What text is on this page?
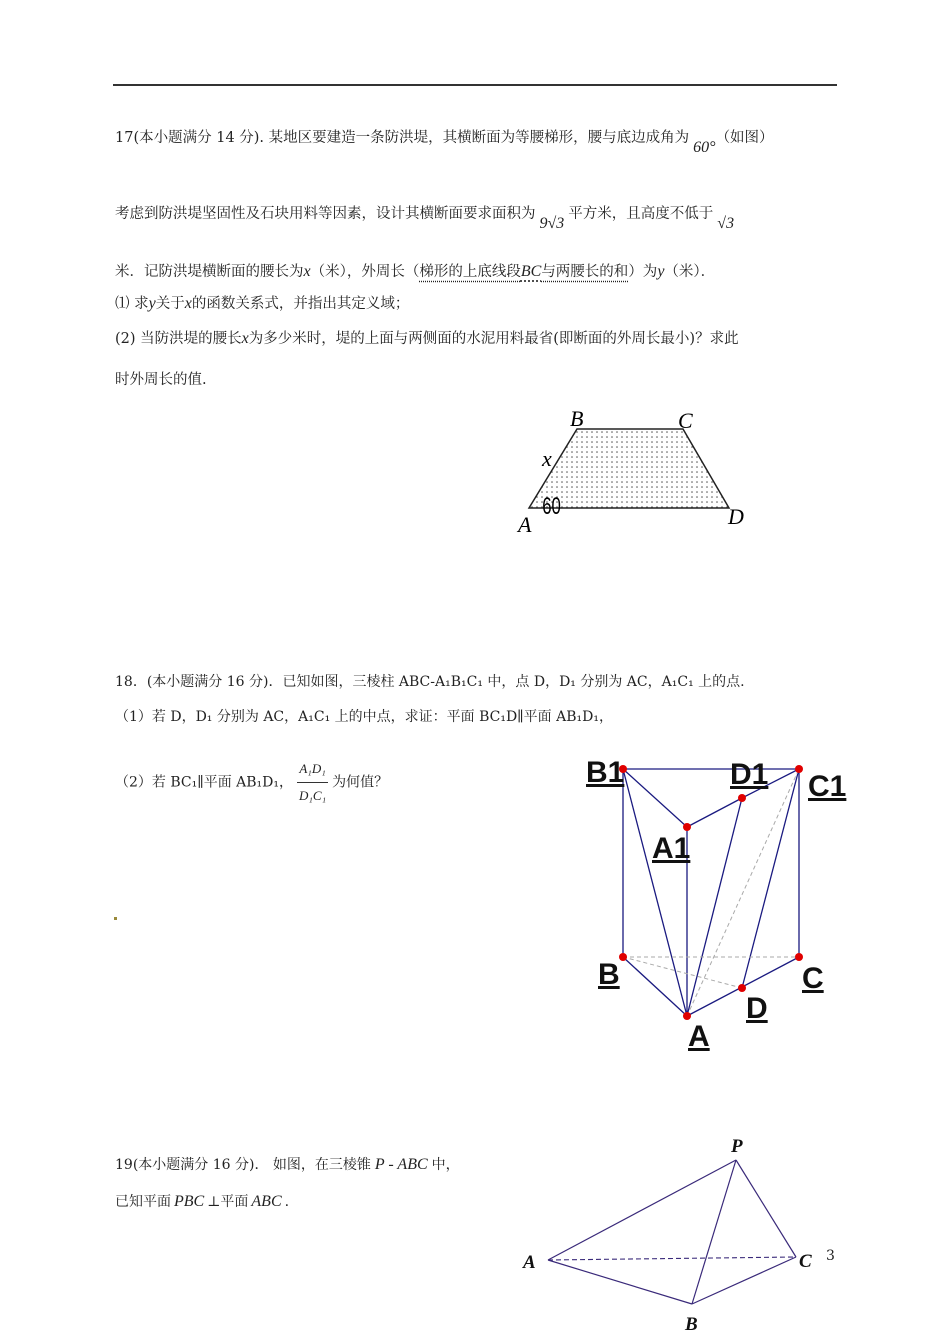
17(本小题满分 14 分). 某地区要建造一条防洪堤，其横断面为等腰梯形，腰与底边成角为60°（如图）
考虑到防洪堤坚固性及石块用料等因素，设计其横断面要求面积为9√3平方米，且高度不低于√3
米．记防洪堤横断面的腰长为x（米），外周长（梯形的上底线段BC与两腰长的和）为y（米）．
⑴ 求y关于x的函数关系式，并指出其定义域；
(2) 当防洪堤的腰长x为多少米时，堤的上面与两侧面的水泥用料最省(即断面的外周长最小)？求此
时外周长的值.
B	C
A	D
x
60
18．(本小题满分 16 分)．已知如图，三棱柱 ABC-A₁B₁C₁ 中，点 D，D₁ 分别为 AC，A₁C₁ 上的点.
（1）若 D，D₁ 分别为 AC，A₁C₁ 上的中点，求证：平面 BC₁D∥平面 AB₁D₁，
（2）若 BC₁∥平面 AB₁D₁， $\frac{\text{A₁D₁}}{\text{D₁C₁}}$ 为何值？	B1	D1 C1
A1
B	C
D
A
19(本小题满分 16 分)． 如图，在三棱锥 P - ABC 中，
已知平面 PBC ⊥平面 ABC .
P
A	C
B
3
